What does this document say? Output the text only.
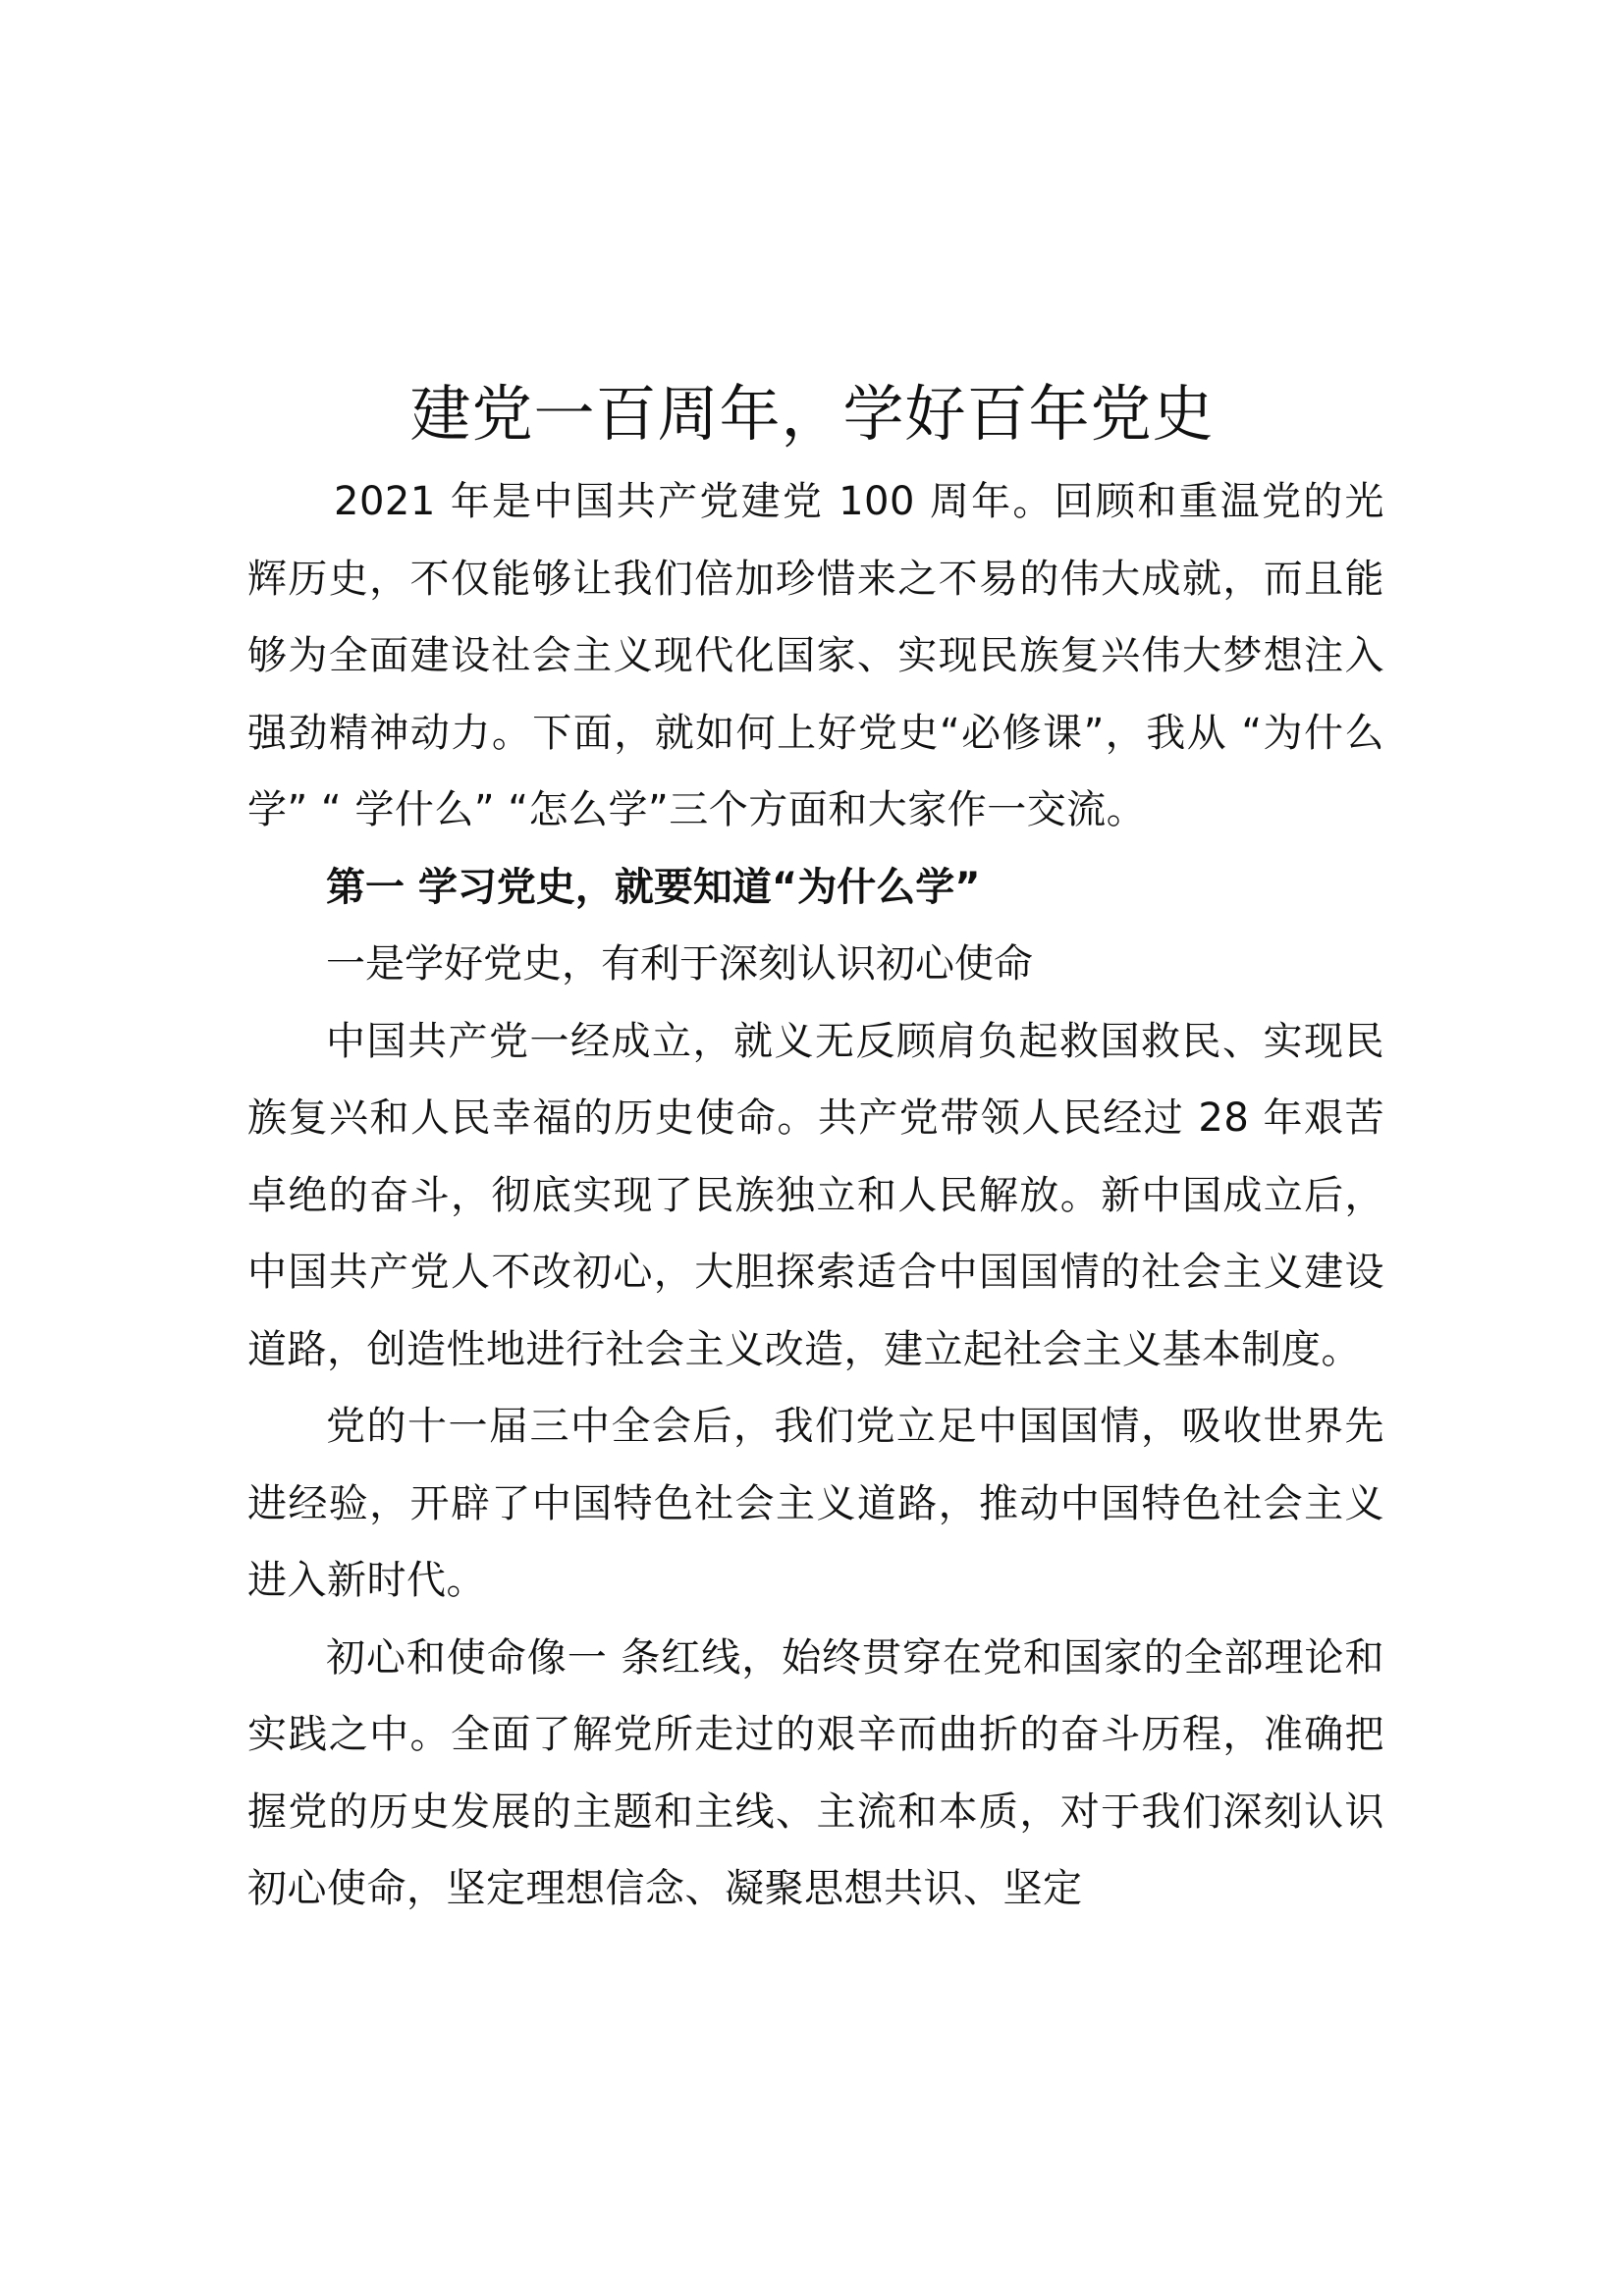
建党一百周年，学好百年党史

2021 年是中国共产党建党 100 周年。回顾和重温党的光辉历史，不仅能够让我们倍加珍惜来之不易的伟大成就，而且能够为全面建设社会主义现代化国家、实现民族复兴伟大梦想注入强劲精神动力。下面，就如何上好党史“必修课”，我从 “为什么学” “ 学什么” “怎么学”三个方面和大家作一交流。

第一 学习党史，就要知道“为什么学”

一是学好党史，有利于深刻认识初心使命

中国共产党一经成立，就义无反顾肩负起救国救民、实现民族复兴和人民幸福的历史使命。共产党带领人民经过 28 年艰苦卓绝的奋斗，彻底实现了民族独立和人民解放。新中国成立后，中国共产党人不改初心，大胆探索适合中国国情的社会主义建设道路，创造性地进行社会主义改造，建立起社会主义基本制度。

党的十一届三中全会后，我们党立足中国国情，吸收世界先进经验，开辟了中国特色社会主义道路，推动中国特色社会主义进入新时代。

初心和使命像一 条红线，始终贯穿在党和国家的全部理论和实践之中。全面了解党所走过的艰辛而曲折的奋斗历程，准确把握党的历史发展的主题和主线、主流和本质，对于我们深刻认识初心使命，坚定理想信念、凝聚思想共识、坚定
